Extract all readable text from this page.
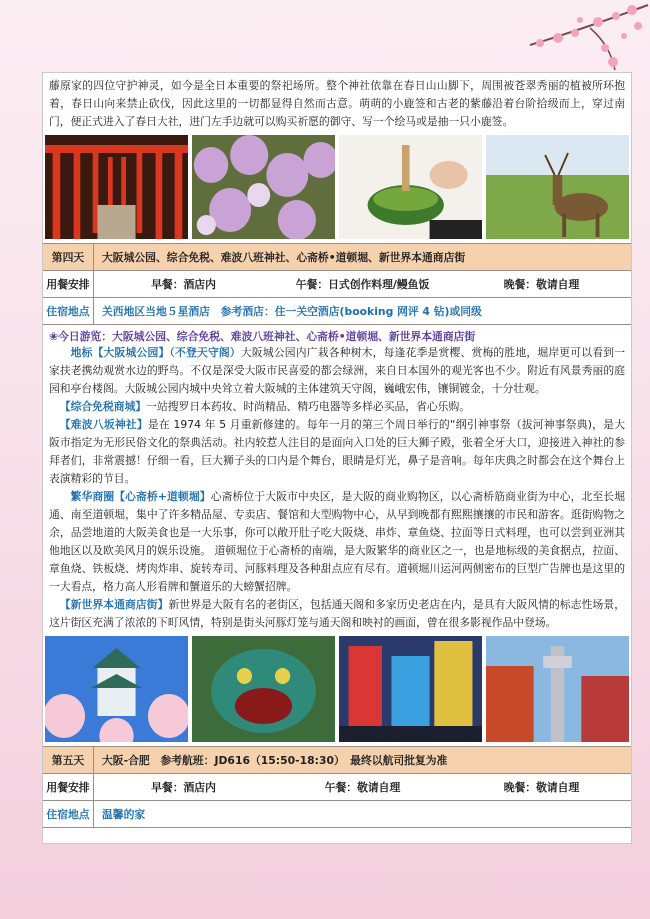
藤原家的四位守护神灵，如今是全日本重要的祭祀场所。整个神社依靠在春日山山脚下，周围被苍翠秀丽的植被所环抱着，春日山向来禁止砍伐，因此这里的一切都显得自然而古意。萌萌的小鹿签和古老的紫藤沿着台阶拾级而上，穿过南门，便正式进入了春日大社，进门左手边就可以购买祈愿的御守、写一个绘马或是抽一只小鹿签。

第四天	大阪城公园、综合免税、难波八班神社、心斋桥•道顿堀、新世界本通商店街
用餐安排	早餐：酒店内	午餐：日式创作料理/鳗鱼饭	晚餐：敬请自理
住宿地点	关西地区当地５星酒店　参考酒店：住一关空酒店(booking 网评 4 钻)或同级
❀今日游览：大阪城公园、综合免税、难波八班神社、心斋桥•道顿堀、新世界本通商店街

地标【大阪城公园】（不登天守阁）大阪城公园内广栽各种树木，每逢花季是赏樱、赏梅的胜地，堀岸更可以看到一家扶老携幼观赏水边的野鸟。不仅是深受大阪市民喜爱的都会绿洲，来自日本国外的观光客也不少。附近有风景秀丽的庭园和亭台楼阁。大阪城公园内城中央耸立着大阪城的主体建筑天守阁，巍峨宏伟，镶铜镀金，十分壮观。

【综合免税商城】一站搜罗日本药妆、时尚精品、精巧电器等多样必买品，省心乐购。

【难波八坂神社】是在 1974 年 5 月重新修建的。每年一月的第三个周日举行的“纲引神事祭（拔河神事祭典)，是大阪市指定为无形民俗文化的祭典活动。社内较惹人注目的是面向入口处的巨大狮子殿，张着全牙大口，迎接进入神社的参拜者们，非常震撼！仔细一看，巨大狮子头的口内是个舞台，眼睛是灯光，鼻子是音响。每年庆典之时都会在这个舞台上表演精彩的节目。

繁华商圈【心斋桥+道顿堀】心斋桥位于大阪市中央区，是大阪的商业购物区，以心斋桥筋商业街为中心，北至长堀通、南至道顿堀，集中了许多精品屋、专卖店、餐馆和大型购物中心，从早到晚都有熙熙攘攘的市民和游客。逛街购物之余，品尝地道的大阪美食也是一大乐事，你可以敞开肚子吃大阪烧、串炸、章鱼烧、拉面等日式料理，也可以尝到亚洲其他地区以及欧美风月的娱乐设施。 道顿堀位于心斋桥的南端，是大阪繁华的商业区之一，也是地标级的美食据点，拉面、章鱼烧、铁板烧、烤肉炸串、旋转寿司、河豚料理及各种甜点应有尽有。道顿堀川运河两侧密布的巨型广告牌也是这里的一大看点，格力高人形看牌和蟹道乐的大螃蟹招牌。

【新世界本通商店街】新世界是大阪有名的老街区，包括通天阁和多家历史老店在内，是具有大阪风情的标志性场景，这片街区充满了浓浓的下町风情，特别是街头河豚灯笼与通天阁和映衬的画面，曾在很多影视作品中登场。

第五天	大阪-合肥　参考航班：JD616（15:50-18:30）　最终以航司批复为准
用餐安排	早餐：酒店内	午餐：敬请自理	晚餐：敬请自理
住宿地点	温馨的家
